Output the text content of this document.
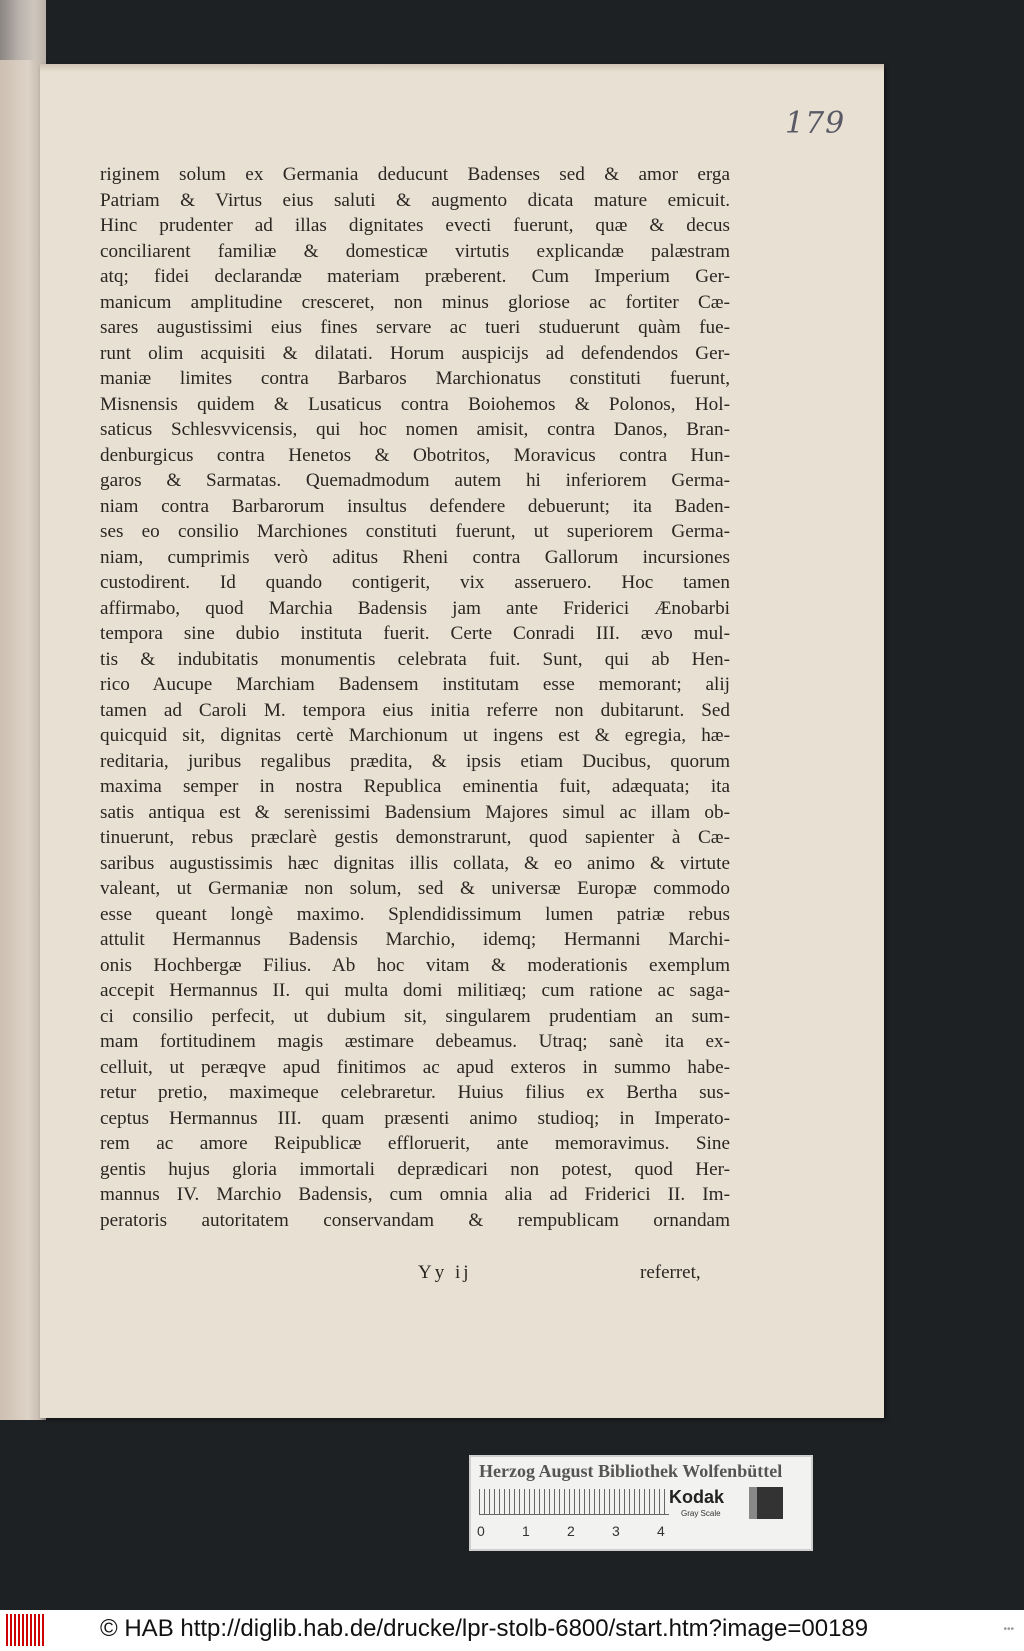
179
riginem solum ex Germania deducunt Badenses sed & amor erga
Patriam & Virtus eius saluti & augmento dicata mature emicuit.
Hinc prudenter ad illas dignitates evecti fuerunt, quæ & decus
conciliarent familiæ & domesticæ virtutis explicandæ palæstram
atq; fidei declarandæ materiam præberent. Cum Imperium Ger-
manicum amplitudine cresceret, non minus gloriose ac fortiter Cæ-
sares augustissimi eius fines servare ac tueri studuerunt quàm fue-
runt olim acquisiti & dilatati. Horum auspicijs ad defendendos Ger-
maniæ limites contra Barbaros Marchionatus constituti fuerunt,
Misnensis quidem & Lusaticus contra Boiohemos & Polonos, Hol-
saticus Schlesvvicensis, qui hoc nomen amisit, contra Danos, Bran-
denburgicus contra Henetos & Obotritos, Moravicus contra Hun-
garos & Sarmatas. Quemadmodum autem hi inferiorem Germa-
niam contra Barbarorum insultus defendere debuerunt; ita Baden-
ses eo consilio Marchiones constituti fuerunt, ut superiorem Germa-
niam, cumprimis verò aditus Rheni contra Gallorum incursiones
custodirent. Id quando contigerit, vix asseruero. Hoc tamen
affirmabo, quod Marchia Badensis jam ante Friderici Ænobarbi
tempora sine dubio instituta fuerit. Certe Conradi III. ævo mul-
tis & indubitatis monumentis celebrata fuit. Sunt, qui ab Hen-
rico Aucupe Marchiam Badensem institutam esse memorant; alij
tamen ad Caroli M. tempora eius initia referre non dubitarunt. Sed
quicquid sit, dignitas certè Marchionum ut ingens est & egregia, hæ-
reditaria, juribus regalibus prædita, & ipsis etiam Ducibus, quorum
maxima semper in nostra Republica eminentia fuit, adæquata; ita
satis antiqua est & serenissimi Badensium Majores simul ac illam ob-
tinuerunt, rebus præclarè gestis demonstrarunt, quod sapienter à Cæ-
saribus augustissimis hæc dignitas illis collata, & eo animo & virtute
valeant, ut Germaniæ non solum, sed & universæ Europæ commodo
esse queant longè maximo. Splendidissimum lumen patriæ rebus
attulit Hermannus Badensis Marchio, idemq; Hermanni Marchi-
onis Hochbergæ Filius. Ab hoc vitam & moderationis exemplum
accepit Hermannus II. qui multa domi militiæq; cum ratione ac saga-
ci consilio perfecit, ut dubium sit, singularem prudentiam an sum-
mam fortitudinem magis æstimare debeamus. Utraq; sanè ita ex-
celluit, ut peræqve apud finitimos ac apud exteros in summo habe-
retur pretio, maximeque celebraretur. Huius filius ex Bertha sus-
ceptus Hermannus III. quam præsenti animo studioq; in Imperato-
rem ac amore Reipublicæ effloruerit, ante memoravimus. Sine
gentis hujus gloria immortali deprædicari non potest, quod Her-
mannus IV. Marchio Badensis, cum omnia alia ad Friderici II. Im-
peratoris autoritatem conservandam & rempublicam ornandam
Yy ij	referret,
Herzog August Bibliothek Wolfenbüttel
0	1	2	3	4
Kodak
Gray Scale
© HAB http://diglib.hab.de/drucke/lpr-stolb-6800/start.htm?image=00189	•••
